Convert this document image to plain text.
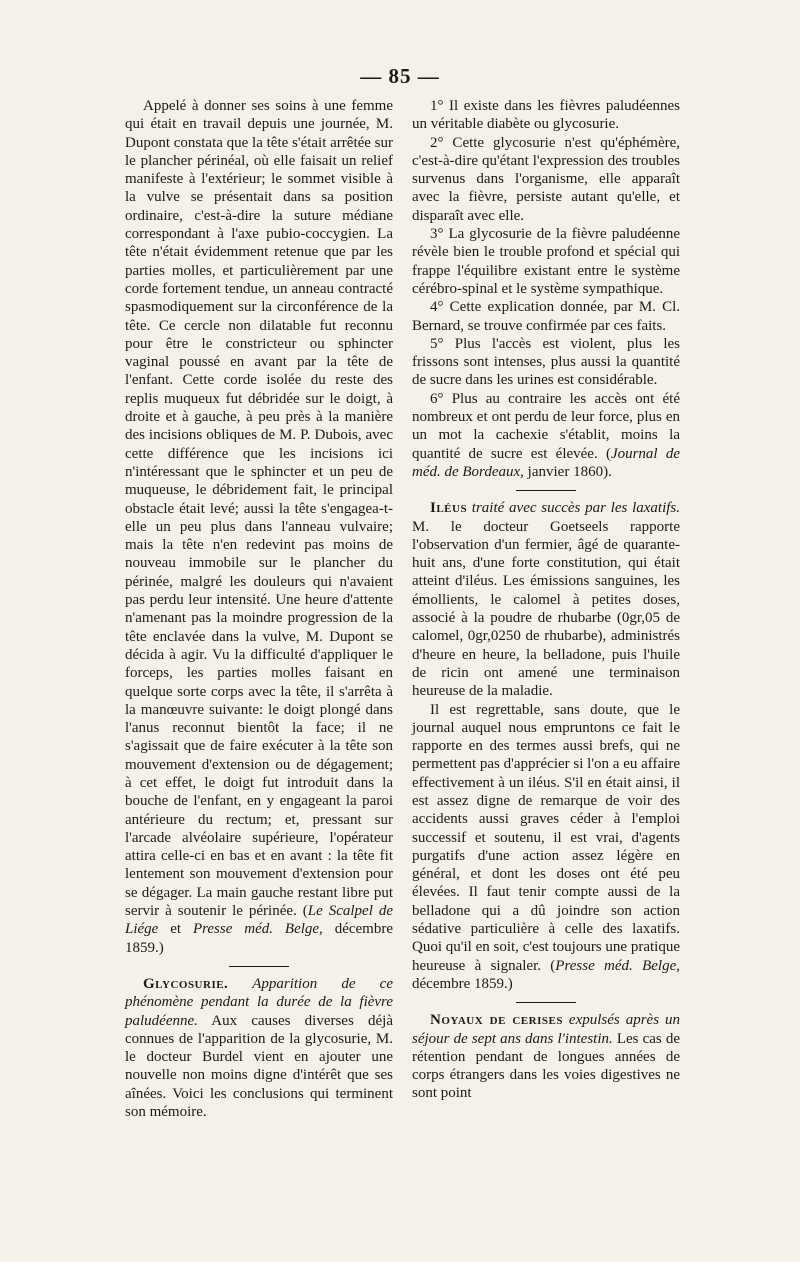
— 85 —

Appelé à donner ses soins à une femme qui était en travail depuis une journée, M. Dupont constata que la tête s'était arrêtée sur le plancher périnéal, où elle faisait un relief manifeste à l'extérieur; le sommet visible à la vulve se présentait dans sa position ordinaire, c'est-à-dire la suture médiane correspondant à l'axe pubio-coccygien. La tête n'était évidemment retenue que par les parties molles, et particulièrement par une corde fortement tendue, un anneau contracté spasmodiquement sur la circonférence de la tête. Ce cercle non dilatable fut reconnu pour être le constricteur ou sphincter vaginal poussé en avant par la tête de l'enfant. Cette corde isolée du reste des replis muqueux fut débridée sur le doigt, à droite et à gauche, à peu près à la manière des incisions obliques de M. P. Dubois, avec cette différence que les incisions ici n'intéressant que le sphincter et un peu de muqueuse, le débridement fait, le principal obstacle était levé; aussi la tête s'engagea-t-elle un peu plus dans l'anneau vulvaire; mais la tête n'en redevint pas moins de nouveau immobile sur le plancher du périnée, malgré les douleurs qui n'avaient pas perdu leur intensité. Une heure d'attente n'amenant pas la moindre progression de la tête enclavée dans la vulve, M. Dupont se décida à agir. Vu la difficulté d'appliquer le forceps, les parties molles faisant en quelque sorte corps avec la tête, il s'arrêta à la manœuvre suivante: le doigt plongé dans l'anus reconnut bientôt la face; il ne s'agissait que de faire exécuter à la tête son mouvement d'extension ou de dégagement; à cet effet, le doigt fut introduit dans la bouche de l'enfant, en y engageant la paroi antérieure du rectum; et, pressant sur l'arcade alvéolaire supérieure, l'opérateur attira celle-ci en bas et en avant : la tête fit lentement son mouvement d'extension pour se dégager. La main gauche restant libre put servir à soutenir le périnée. (Le Scalpel de Liége et Presse méd. Belge, décembre 1859.)

Glycosurie. Apparition de ce phénomène pendant la durée de la fièvre paludéenne. Aux causes diverses déjà connues de l'apparition de la glycosurie, M. le docteur Burdel vient en ajouter une nouvelle non moins digne d'intérêt que ses aînées. Voici les conclusions qui terminent son mémoire.

1° Il existe dans les fièvres paludéennes un véritable diabète ou glycosurie.

2° Cette glycosurie n'est qu'éphémère, c'est-à-dire qu'étant l'expression des troubles survenus dans l'organisme, elle apparaît avec la fièvre, persiste autant qu'elle, et disparaît avec elle.

3° La glycosurie de la fièvre paludéenne révèle bien le trouble profond et spécial qui frappe l'équilibre existant entre le système cérébro-spinal et le système sympathique.

4° Cette explication donnée, par M. Cl. Bernard, se trouve confirmée par ces faits.

5° Plus l'accès est violent, plus les frissons sont intenses, plus aussi la quantité de sucre dans les urines est considérable.

6° Plus au contraire les accès ont été nombreux et ont perdu de leur force, plus en un mot la cachexie s'établit, moins la quantité de sucre est élevée. (Journal de méd. de Bordeaux, janvier 1860).

Iléus traité avec succès par les laxatifs. M. le docteur Goetseels rapporte l'observation d'un fermier, âgé de quarante-huit ans, d'une forte constitution, qui était atteint d'iléus. Les émissions sanguines, les émollients, le calomel à petites doses, associé à la poudre de rhubarbe (0gr,05 de calomel, 0gr,0250 de rhubarbe), administrés d'heure en heure, la belladone, puis l'huile de ricin ont amené une terminaison heureuse de la maladie.

Il est regrettable, sans doute, que le journal auquel nous empruntons ce fait le rapporte en des termes aussi brefs, qui ne permettent pas d'apprécier si l'on a eu affaire effectivement à un iléus. S'il en était ainsi, il est assez digne de remarque de voir des accidents aussi graves céder à l'emploi successif et soutenu, il est vrai, d'agents purgatifs d'une action assez légère en général, et dont les doses ont été peu élevées. Il faut tenir compte aussi de la belladone qui a dû joindre son action sédative particulière à celle des laxatifs. Quoi qu'il en soit, c'est toujours une pratique heureuse à signaler. (Presse méd. Belge, décembre 1859.)

Noyaux de cerises expulsés après un séjour de sept ans dans l'intestin. Les cas de rétention pendant de longues années de corps étrangers dans les voies digestives ne sont point
